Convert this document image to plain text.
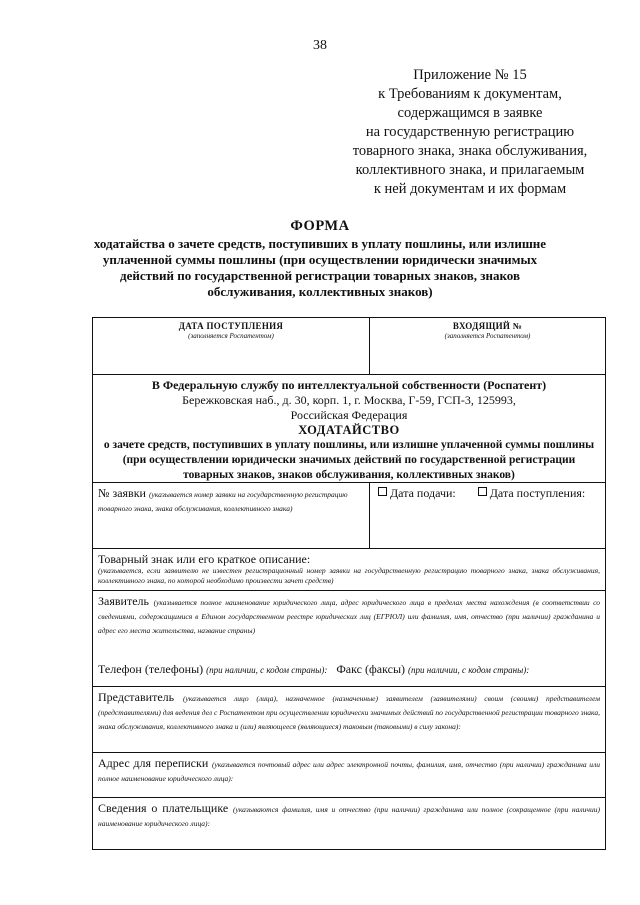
38
Приложение № 15
к Требованиям к документам,
содержащимся в заявке
на государственную регистрацию
товарного знака, знака обслуживания,
коллективного знака, и прилагаемым
к ней документам и их формам
ФОРМА
ходатайства о зачете средств, поступивших в уплату пошлины, или излишне уплаченной суммы пошлины (при осуществлении юридически значимых действий по государственной регистрации товарных знаков, знаков обслуживания, коллективных знаков)
ДАТА ПОСТУПЛЕНИЯ
(заполняется Роспатентом)
ВХОДЯЩИЙ №
(заполняется Роспатентом)
В Федеральную службу по интеллектуальной собственности (Роспатент)
Бережковская наб., д. 30, корп. 1, г. Москва, Г-59, ГСП-3, 125993,
Российская Федерация
ХОДАТАЙСТВО
о зачете средств, поступивших в уплату пошлины, или излишне уплаченной суммы пошлины (при осуществлении юридически значимых действий по государственной регистрации товарных знаков, знаков обслуживания, коллективных знаков)
№ заявки (указывается номер заявки на государственную регистрацию товарного знака, знака обслуживания, коллективного знака)
Дата подачи:	Дата поступления:
Товарный знак или его краткое описание:
(указывается, если заявителю не известен регистрационный номер заявки на государственную регистрацию товарного знака, знака обслуживания, коллективного знака, по которой необходимо произвести зачет средств)
Заявитель (указывается полное наименование юридического лица, адрес юридического лица в пределах места нахождения (в соответствии со сведениями, содержащимися в Едином государственном реестре юридических лиц (ЕГРЮЛ) или фамилия, имя, отчество (при наличии) гражданина и адрес его места жительства, название страны)
Телефон (телефоны) (при наличии, с кодом страны): Факс (факсы) (при наличии, с кодом страны):
Представитель (указывается лицо (лица), назначенное (назначенные) заявителем (заявителями) своим (своими) представителем (представителями) для ведения дел с Роспатентом при осуществлении юридически значимых действий по государственной регистрации товарного знака, знака обслуживания, коллективного знака и (или) являющееся (являющиеся) таковым (таковыми) в силу закона):
Адрес для переписки (указывается почтовый адрес или адрес электронной почты, фамилия, имя, отчество (при наличии) гражданина или полное наименование юридического лица):
Сведения о плательщике (указываются фамилия, имя и отчество (при наличии) гражданина или полное (сокращенное (при наличии) наименование юридического лица):
